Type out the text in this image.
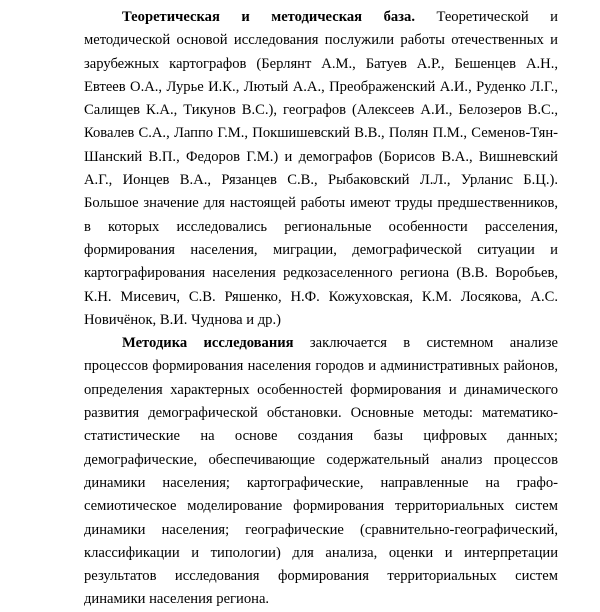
Теоретическая и методическая база. Теоретической и методической основой исследования послужили работы отечественных и зарубежных картографов (Берлянт А.М., Батуев А.Р., Бешенцев А.Н., Евтеев О.А., Лурье И.К., Лютый А.А., Преображенский А.И., Руденко Л.Г., Салищев К.А., Тикунов В.С.), географов (Алексеев А.И., Белозеров В.С., Ковалев С.А., Лаппо Г.М., Покшишевский В.В., Полян П.М., Семенов-Тян-Шанский В.П., Федоров Г.М.) и демографов (Борисов В.А., Вишневский А.Г., Ионцев В.А., Рязанцев С.В., Рыбаковский Л.Л., Урланис Б.Ц.). Большое значение для настоящей работы имеют труды предшественников, в которых исследовались региональные особенности расселения, формирования населения, миграции, демографической ситуации и картографирования населения редкозаселенного региона (В.В. Воробьев, К.Н. Мисевич, С.В. Ряшенко, Н.Ф. Кожуховская, К.М. Лосякова, А.С. Новичёнок, В.И. Чуднова и др.)

Методика исследования заключается в системном анализе процессов формирования населения городов и административных районов, определения характерных особенностей формирования и динамического развития демографической обстановки. Основные методы: математико-статистические на основе создания базы цифровых данных; демографические, обеспечивающие содержательный анализ процессов динамики населения; картографические, направленные на графо-семиотическое моделирование формирования территориальных систем динамики населения; географические (сравнительно-географический, классификации и типологии) для анализа, оценки и интерпретации результатов исследования формирования территориальных систем динамики населения региона.
